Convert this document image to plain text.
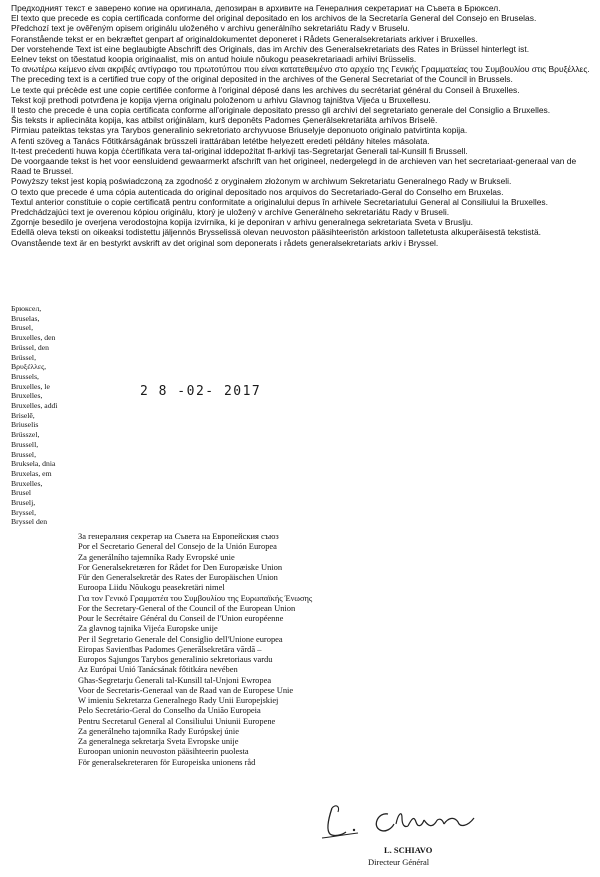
Предходният текст е заверено копие на оригинала, депозиран в архивите на Генералния секретариат на Съвета в Брюксел.

El texto que precede es copia certificada conforme del original depositado en los archivos de la Secretaría General del Consejo en Bruselas.

Předchozí text je ověřeným opisem originálu uloženého v archivu generálního sekretariátu Rady v Bruselu.

Foranstående tekst er en bekræftet genpart af originaldokumentet deponeret i Rådets Generalsekretariats arkiver i Bruxelles.

Der vorstehende Text ist eine beglaubigte Abschrift des Originals, das im Archiv des Generalsekretariats des Rates in Brüssel hinterlegt ist.

Eelnev tekst on tõestatud koopia originaalist, mis on antud hoiule nõukogu peasekretariaadi arhiivi Brüsselis.

Το ανωτέρω κείμενο είναι ακριβές αντίγραφο του πρωτοτύπου που είναι κατατεθειμένο στο αρχείο της Γενικής Γραμματείας του Συμβουλίου στις Βρυξέλλες.

The preceding text is a certified true copy of the original deposited in the archives of the General Secretariat of the Council in Brussels.

Le texte qui précède est une copie certifiée conforme à l'original déposé dans les archives du secrétariat général du Conseil à Bruxelles.

Tekst koji prethodi potvrđena je kopija vjerna originalu položenom u arhivu Glavnog tajništva Vijeća u Bruxellesu.

Il testo che precede è una copia certificata conforme all'originale depositato presso gli archivi del segretariato generale del Consiglio a Bruxelles.

Šis teksts ir apliecināta kopija, kas atbilst oriģinālam, kurš deponēts Padomes Ģenerālsekretariāta arhīvos Briselē.

Pirmiau pateiktas tekstas yra Tarybos generalinio sekretoriato archyvuose Briuselyje deponuoto originalo patvirtinta kopija.

A fenti szöveg a Tanács Főtitkárságának brüsszeli irattárában letétbe helyezett eredeti példány hiteles másolata.

It-test preċedenti huwa kopja ċċertifikata vera tal-original iddepożitat fl-arkivji tas-Segretarjat Ġenerali tal-Kunsill fi Brussell.

De voorgaande tekst is het voor eensluidend gewaarmerkt afschrift van het origineel, nedergelegd in de archieven van het secretariaat-generaal van de Raad te Brussel.

Powyższy tekst jest kopią poświadczoną za zgodność z oryginałem złożonym w archiwum Sekretariatu Generalnego Rady w Brukseli.

O texto que precede é uma cópia autenticada do original depositado nos arquivos do Secretariado-Geral do Conselho em Bruxelas.

Textul anterior constituie o copie certificată pentru conformitate a originalului depus în arhivele Secretariatului General al Consiliului la Bruxelles.

Predchádzajúci text je overenou kópiou originálu, ktorý je uložený v archíve Generálneho sekretariátu Rady v Bruseli.

Zgornje besedilo je overjena verodostojna kopija izvirnika, ki je deponiran v arhivu generalnega sekretariata Sveta v Bruslju.

Edellä oleva teksti on oikeaksi todistettu jäljennös Brysselissä olevan neuvoston pääsihteeristön arkistoon talletetusta alkuperäisestä tekstistä.

Ovanstående text är en bestyrkt avskrift av det original som deponerats i rådets generalsekretariats arkiv i Bryssel.

Брюксел,
Bruselas,
Brusel,
Bruxelles, den
Brüssel, den
Brüssel,
Βρυξέλλες,
Brussels,
Bruxelles, le
Bruxelles,
Bruxelles, addì
Briselē,
Briuselis
Brüsszel,
Brussell,
Brussel,
Bruksela, dnia
Bruxelas, em
Bruxelles,
Brusel
Bruselj,
Bryssel,
Bryssel den
2 8 -02- 2017
За генералния секретар на Съвета на Европейския съюз
Por el Secretario General del Consejo de la Unión Europea
Za generálního tajemníka Rady Evropské unie
For Generalsekretæren for Rådet for Den Europæiske Union
Für den Generalsekretär des Rates der Europäischen Union
Euroopa Liidu Nõukogu peasekretäri nimel
Για τον Γενικό Γραμματέα του Συμβουλίου της Ευρωπαϊκής Ένωσης
For the Secretary-General of the Council of the European Union
Pour le Secrétaire Général du Conseil de l'Union européenne
Za glavnog tajnika Vijeća Europske unije
Per il Segretario Generale del Consiglio dell'Unione europea
Eiropas Savienības Padomes Ģenerālsekretāra vārdā –
Europos Sąjungos Tarybos generalinio sekretoriaus vardu
Az Európai Unió Tanácsának főtitkára nevében
Għas-Segretarju Ġenerali tal-Kunsill tal-Unjoni Ewropea
Voor de Secretaris-Generaal van de Raad van de Europese Unie
W imieniu Sekretarza Generalnego Rady Unii Europejskiej
Pelo Secretário-Geral do Conselho da União Europeia
Pentru Secretarul General al Consiliului Uniunii Europene
Za generálneho tajomníka Rady Európskej únie
Za generalnega sekretarja Sveta Evropske unije
Euroopan unionin neuvoston pääsihteerin puolesta
För generalsekreteraren för Europeiska unionens råd
L. SCHIAVO
Directeur Général
